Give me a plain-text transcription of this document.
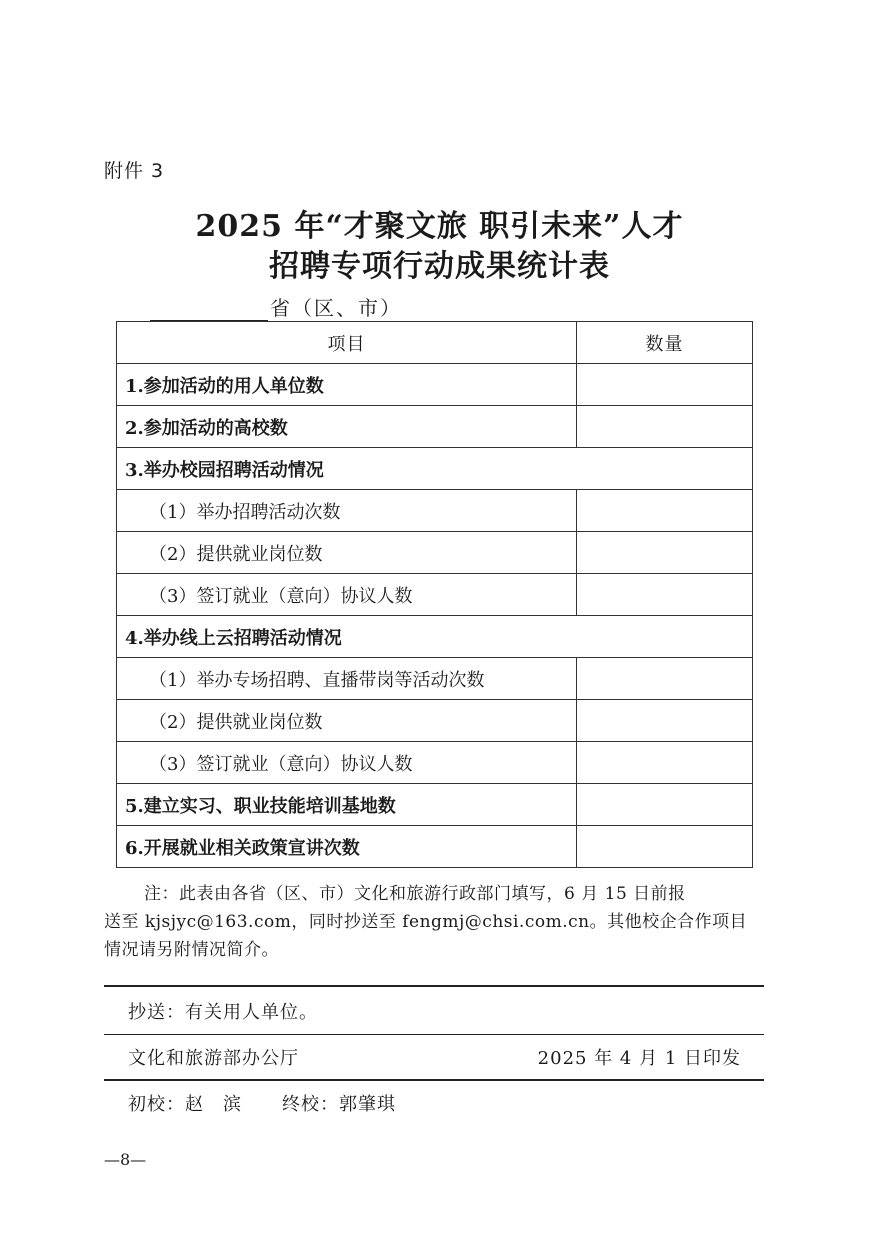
附件 3
2025 年“才聚文旅 职引未来”人才
招聘专项行动成果统计表
省（区、市）
项目	数量
1.参加活动的用人单位数	
2.参加活动的高校数	
3.举办校园招聘活动情况	
（1）举办招聘活动次数	
（2）提供就业岗位数	
（3）签订就业（意向）协议人数	
4.举办线上云招聘活动情况	
（1）举办专场招聘、直播带岗等活动次数	
（2）提供就业岗位数	
（3）签订就业（意向）协议人数	
5.建立实习、职业技能培训基地数	
6.开展就业相关政策宣讲次数	
注：此表由各省（区、市）文化和旅游行政部门填写，6 月 15 日前报
送至 kjsjyc@163.com，同时抄送至 fengmj@chsi.com.cn。其他校企合作项目
情况请另附情况简介。
抄送：有关用人单位。
文化和旅游部办公厅	2025 年 4 月 1 日印发
初校：赵　滨 终校：郭肇琪
—8—
